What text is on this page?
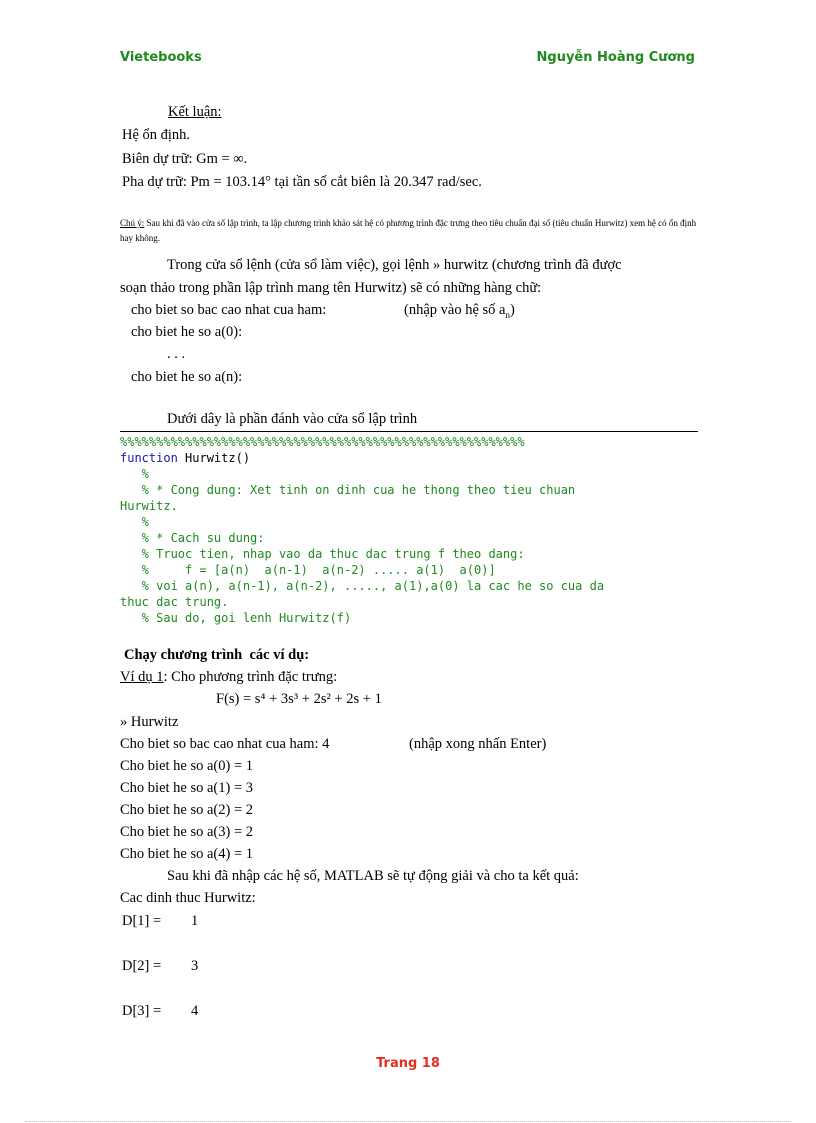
Vietebooks	Nguyễn Hoàng Cương
Kết luận:
Hệ ổn định.
Biên dự trữ: Gm = ∞.
Pha dự trữ: Pm = 103.14° tại tần số cắt biên là 20.347 rad/sec.
Chú ý: Sau khi đã vào cửa sổ lập trình, ta lập chương trình khảo sát hệ có phương trình đặc trưng theo tiêu chuẩn đại số (tiêu chuẩn Hurwitz) xem hệ có ổn định hay không.
Trong cửa sổ lệnh (cửa sổ làm việc), gọi lệnh » hurwitz (chương trình đã được
soạn thảo trong phần lập trình mang tên Hurwitz) sẽ có những hàng chữ:
cho biet so bac cao nhat cua ham:	(nhập vào hệ số $a_n$)
cho biet he so a(0):
. . .
cho biet he so a(n):
Dưới dây là phần đánh vào cửa sổ lập trình
%%%%%%%%%%%%%%%%%%%%%%%%%%%%%%%%%%%%%%%%%%%%%%%%%%%%%%%%
function Hurwitz()
%
% * Cong dung: Xet tinh on dinh cua he thong theo tieu chuan
Hurwitz.
%
% * Cach su dung:
% Truoc tien, nhap vao da thuc dac trung f theo dang:
%     f = [a(n)  a(n-1)  a(n-2) ..... a(1)  a(0)]
% voi a(n), a(n-1), a(n-2), ....., a(1),a(0) la cac he so cua da
thuc dac trung.
% Sau do, goi lenh Hurwitz(f)
Chạy chương trình  các ví dụ:
Ví dụ 1: Cho phương trình đặc trưng:
F(s) = s⁴ + 3s³ + 2s² + 2s + 1
» Hurwitz
Cho biet so bac cao nhat cua ham: 4	(nhập xong nhấn Enter)
Cho biet he so a(0) = 1
Cho biet he so a(1) = 3
Cho biet he so a(2) = 2
Cho biet he so a(3) = 2
Cho biet he so a(4) = 1
Sau khi đã nhập các hệ số, MATLAB sẽ tự động giải và cho ta kết quả:
Cac dinh thuc Hurwitz:
D[1] = 1
D[2] = 3
D[3] = 4
Trang 18
